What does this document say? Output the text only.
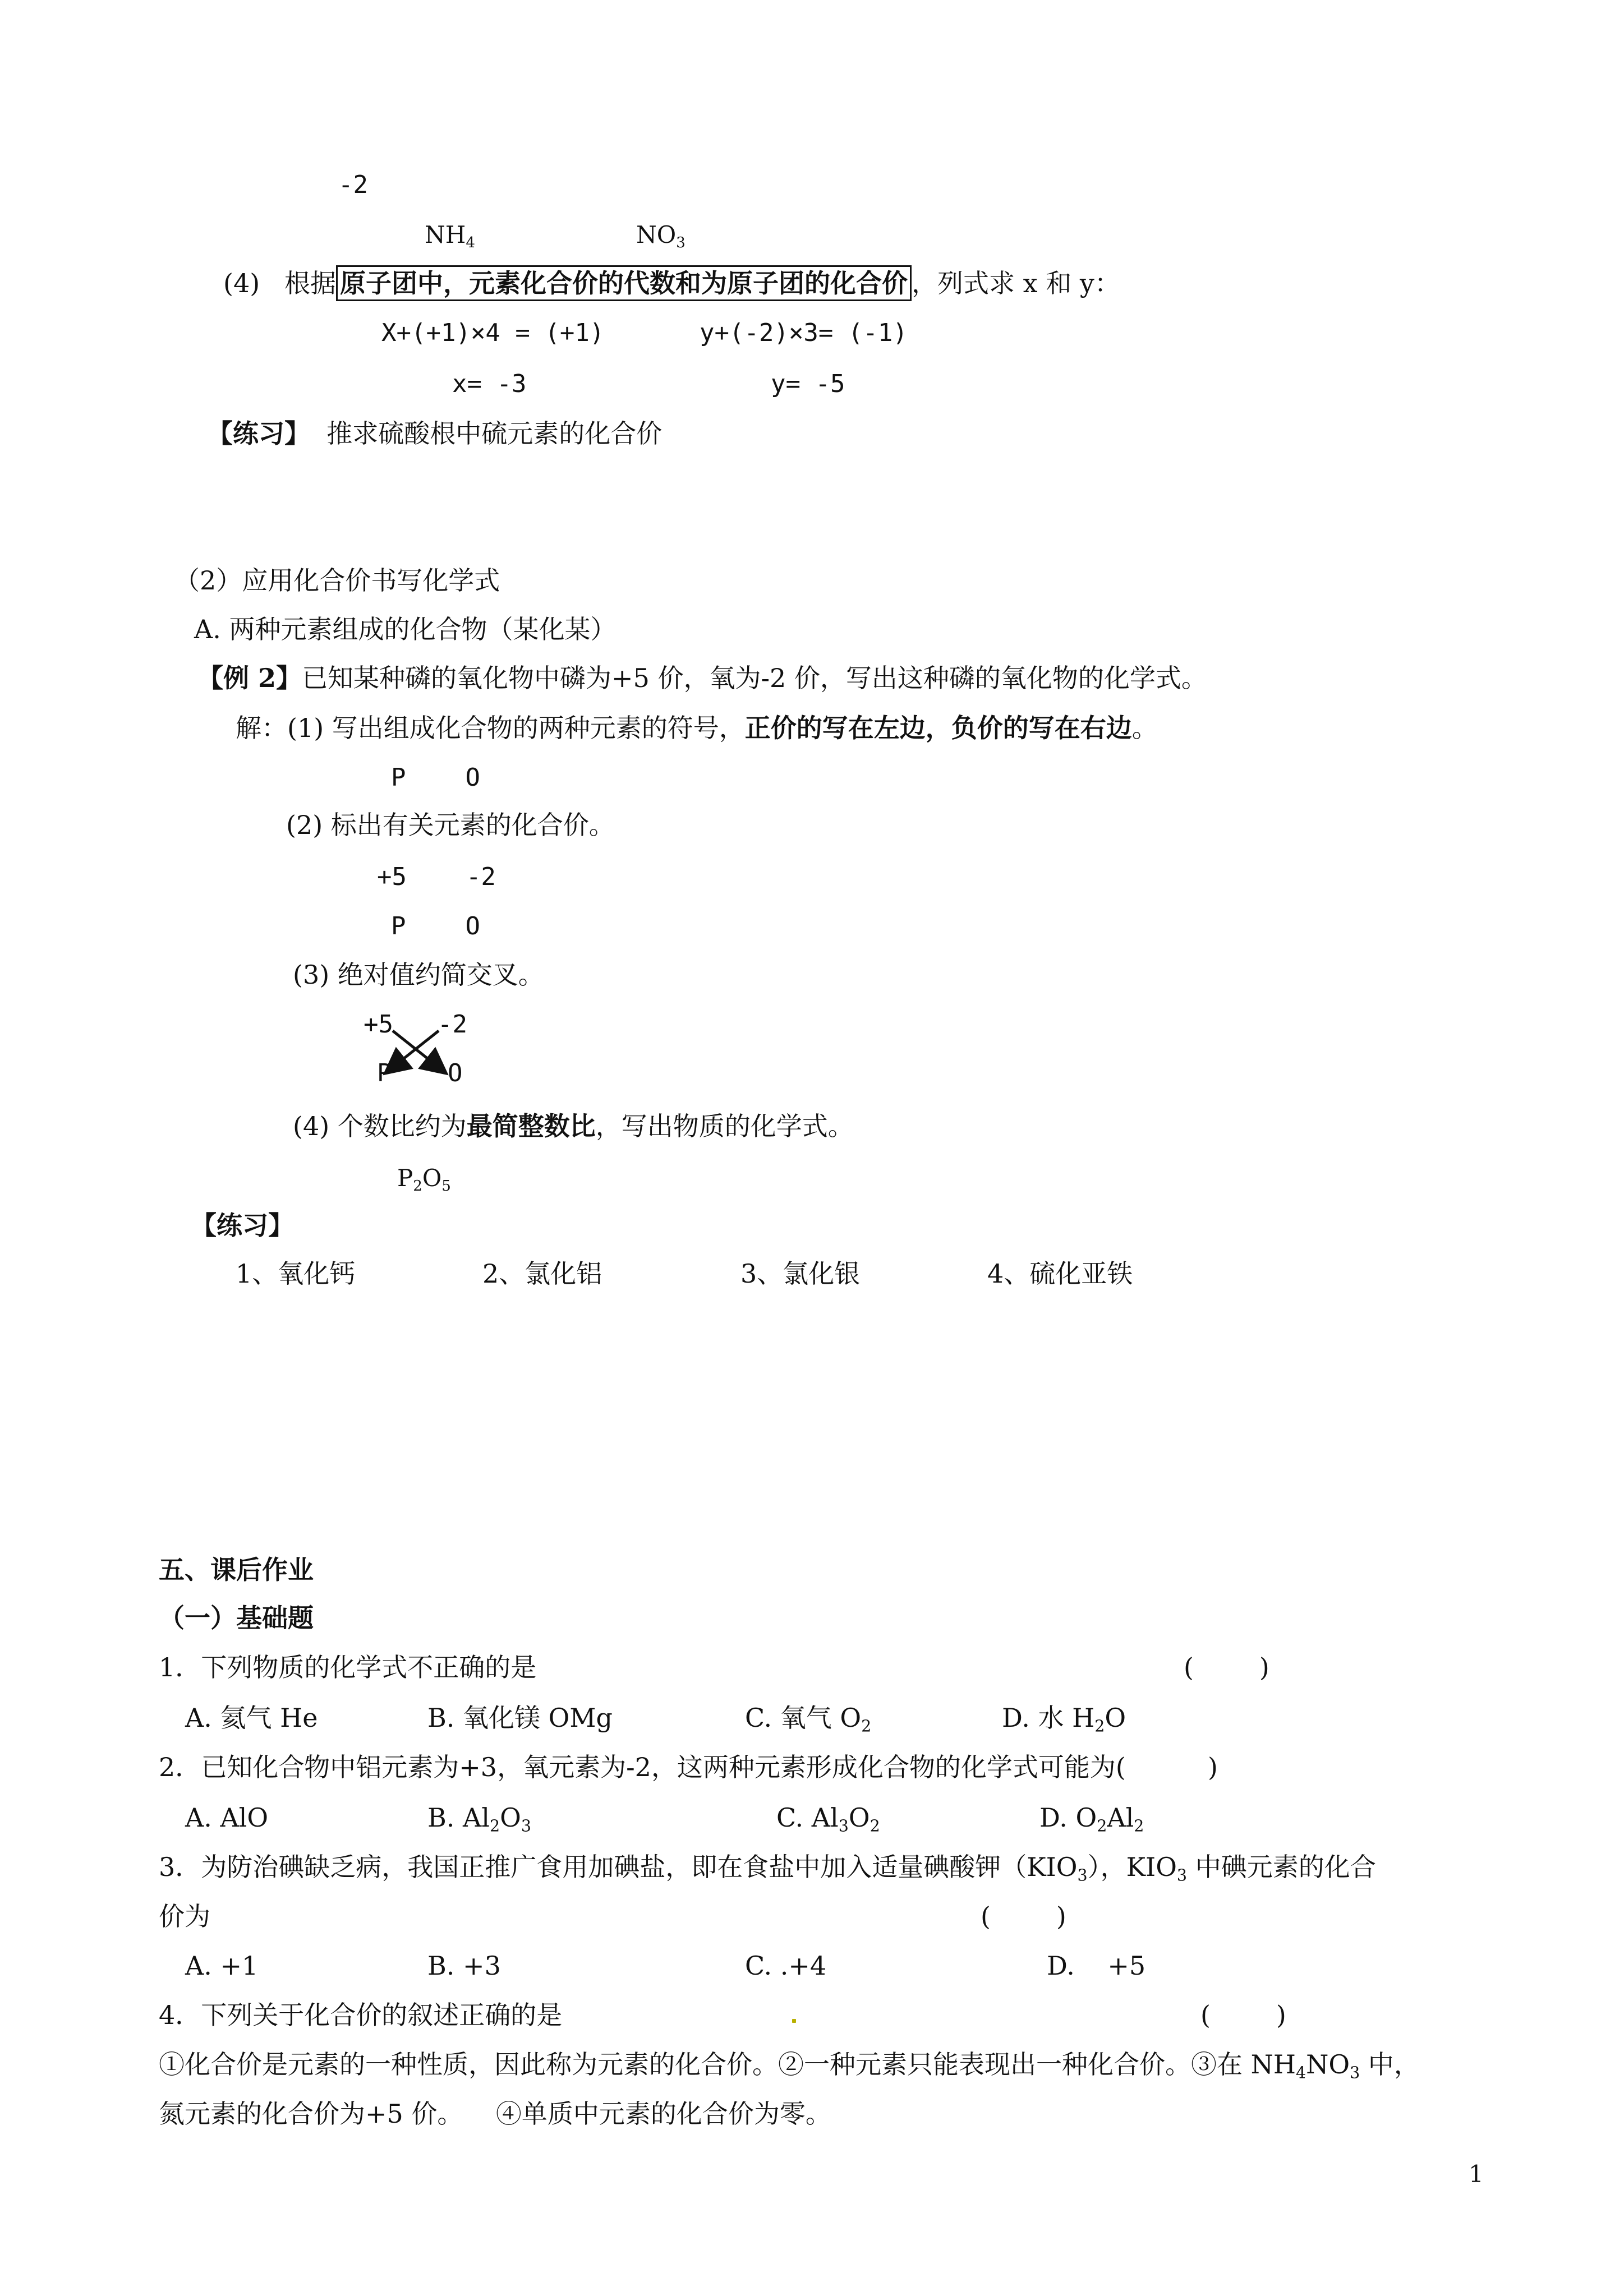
-2
$NH_4$	$NO_3$
(4) 根据 原子团中，元素化合价的代数和为原子团的化合价 ，列式求 x 和 y：
X+(+1)×4 = (+1)	y+(-2)×3= (-1)
x= -3	y= -5
【练习】 推求硫酸根中硫元素的化合价
（2）应用化合价书写化学式
A. 两种元素组成的化合物（某化某）
【例 2】已知某种磷的氧化物中磷为+5 价，氧为-2 价，写出这种磷的氧化物的化学式。
解：(1) 写出组成化合物的两种元素的符号，正价的写在左边，负价的写在右边。
P    O
(2) 标出有关元素的化合价。
+5    -2
P    O
(3) 绝对值约简交叉。
+5 -2
P O
(4) 个数比约为最简整数比，写出物质的化学式。
$P_2O_5$
【练习】
1、氧化钙	2、氯化铝	3、氯化银	4、硫化亚铁
五、课后作业
（一）基础题
1．下列物质的化学式不正确的是	(        )
A. 氦气 He	B. 氧化镁 OMg	C. 氧气 $O_2$	D. 水 $H_2O$
2．已知化合物中铝元素为+3，氧元素为-2，这两种元素形成化合物的化学式可能为(          )
A. AlO	B. $Al_2O_3$	C. $Al_3O_2$	D. $O_2Al_2$
3．为防治碘缺乏病，我国正推广食用加碘盐，即在食盐中加入适量碘酸钾$(KIO_3)$，$KIO_3$ 中碘元素的化合
价为	(        )
A. +1	B. +3	C. .+4	D.    +5
4．下列关于化合价的叙述正确的是	(        )
①化合价是元素的一种性质，因此称为元素的化合价。②一种元素只能表现出一种化合价。③在 $NH_4NO_3$ 中，
氮元素的化合价为+5 价。    ④单质中元素的化合价为零。
1
